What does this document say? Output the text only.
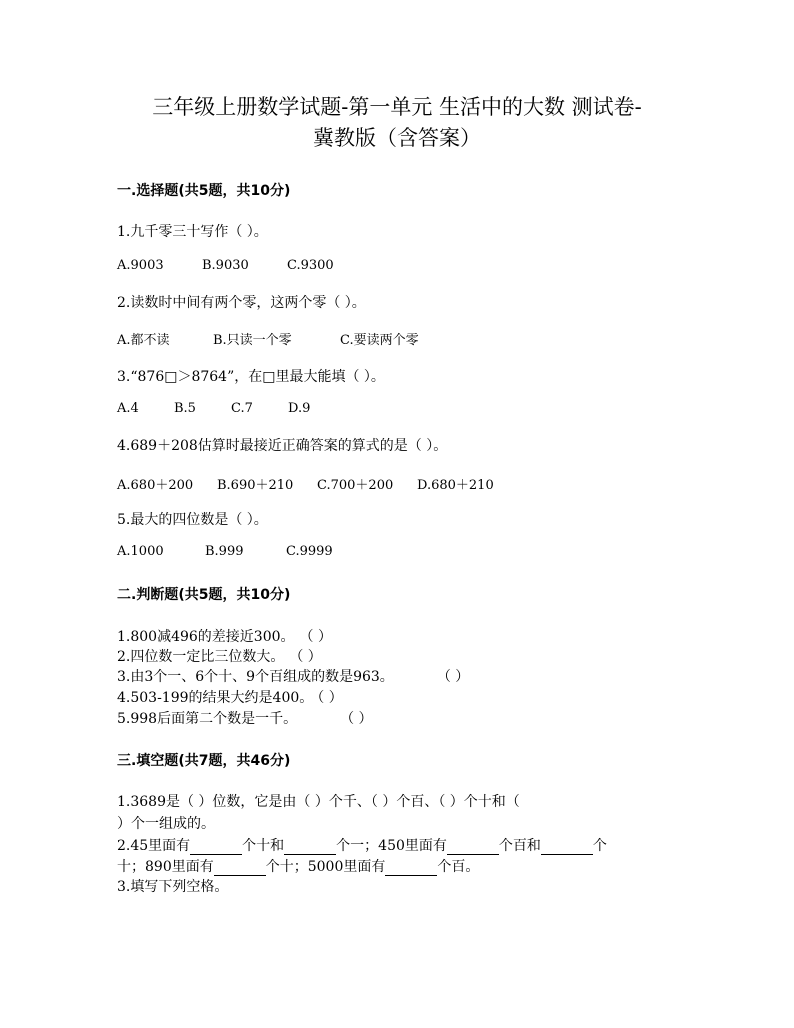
三年级上册数学试题-第一单元 生活中的大数 测试卷-
冀教版（含答案）
一.选择题(共5题，共10分)
1.九千零三十写作（ ）。
A.9003	B.9030	C.9300
2.读数时中间有两个零，这两个零（ ）。
A.都不读	B.只读一个零	C.要读两个零
3.“876□＞8764”，在□里最大能填（ ）。
A.4	B.5	C.7	D.9
4.689＋208估算时最接近正确答案的算式的是（ ）。
A.680＋200 B.690＋210 C.700＋200 D.680＋210
5.最大的四位数是（ ）。
A.1000	B.999	C.9999
二.判断题(共5题，共10分)
1.800减496的差接近300。 （ ）
2.四位数一定比三位数大。 （ ）
3.由3个一、6个十、9个百组成的数是963。	（ ）
4.503-199的结果大约是400。 （ ）
5.998后面第二个数是一千。	（ ）
三.填空题(共7题，共46分)
1.3689是（ ）位数，它是由（ ）个千、（ ）个百、（ ）个十和（
）个一组成的。
2.45里面有	个十和	个一；450里面有	个百和	个
十；890里面有	个十；5000里面有	个百。
3.填写下列空格。
